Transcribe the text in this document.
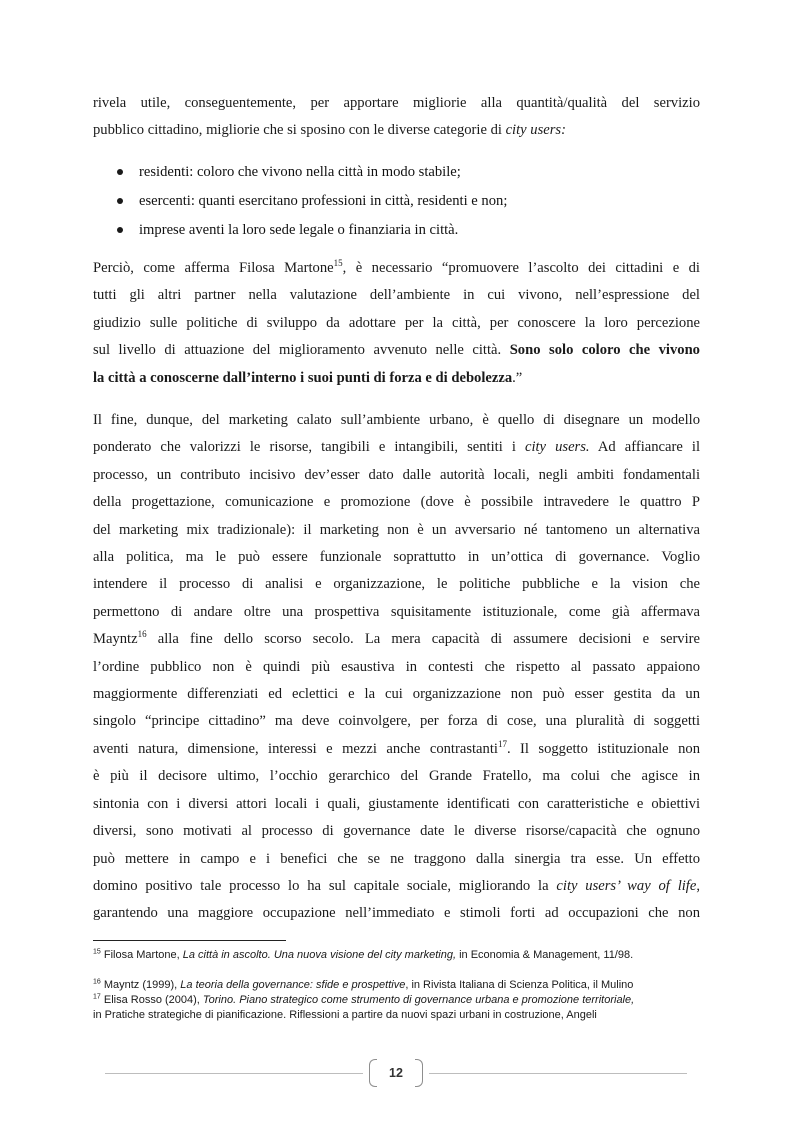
rivela utile, conseguentemente, per apportare migliorie alla quantità/qualità del servizio
pubblico cittadino, migliorie che si sposino con le diverse categorie di city users:
residenti: coloro che vivono nella città in modo stabile;
esercenti: quanti esercitano professioni in città, residenti e non;
imprese aventi la loro sede legale o finanziaria in città.
Perciò, come afferma Filosa Martone$^{15}$, è necessario “promuovere l’ascolto dei cittadini e di
tutti gli altri partner nella valutazione dell’ambiente in cui vivono, nell’espressione del
giudizio sulle politiche di sviluppo da adottare per la città, per conoscere la loro percezione
sul livello di attuazione del miglioramento avvenuto nelle città. Sono solo coloro che vivono
la città a conoscerne dall’interno i suoi punti di forza e di debolezza.”
Il fine, dunque, del marketing calato sull’ambiente urbano, è quello di disegnare un modello
ponderato che valorizzi le risorse, tangibili e intangibili, sentiti i city users. Ad affiancare il
processo, un contributo incisivo dev’esser dato dalle autorità locali, negli ambiti fondamentali
della progettazione, comunicazione e promozione (dove è possibile intravedere le quattro P
del marketing mix tradizionale): il marketing non è un avversario né tantomeno un alternativa
alla politica, ma le può essere funzionale soprattutto in un’ottica di governance. Voglio
intendere il processo di analisi e organizzazione, le politiche pubbliche e la vision che
permettono di andare oltre una prospettiva squisitamente istituzionale, come già affermava
Mayntz$^{16}$ alla fine dello scorso secolo. La mera capacità di assumere decisioni e servire
l’ordine pubblico non è quindi più esaustiva in contesti che rispetto al passato appaiono
maggiormente differenziati ed eclettici e la cui organizzazione non può esser gestita da un
singolo “principe cittadino” ma deve coinvolgere, per forza di cose, una pluralità di soggetti
aventi natura, dimensione, interessi e mezzi anche contrastanti$^{17}$. Il soggetto istituzionale non
è più il decisore ultimo, l’occhio gerarchico del Grande Fratello, ma colui che agisce in
sintonia con i diversi attori locali i quali, giustamente identificati con caratteristiche e obiettivi
diversi, sono motivati al processo di governance date le diverse risorse/capacità che ognuno
può mettere in campo e i benefici che se ne traggono dalla sinergia tra esse. Un effetto
domino positivo tale processo lo ha sul capitale sociale, migliorando la city users’ way of life,
garantendo una maggiore occupazione nell’immediato e stimoli forti ad occupazioni che non
$^{15}$ Filosa Martone, La città in ascolto. Una nuova visione del city marketing, in Economia & Management, 11/98.
$^{16}$ Mayntz (1999), La teoria della governance: sfide e prospettive, in Rivista Italiana di Scienza Politica, il Mulino
$^{17}$ Elisa Rosso (2004), Torino. Piano strategico come strumento di governance urbana e promozione territoriale,
in Pratiche strategiche di pianificazione. Riflessioni a partire da nuovi spazi urbani in costruzione, Angeli
12
